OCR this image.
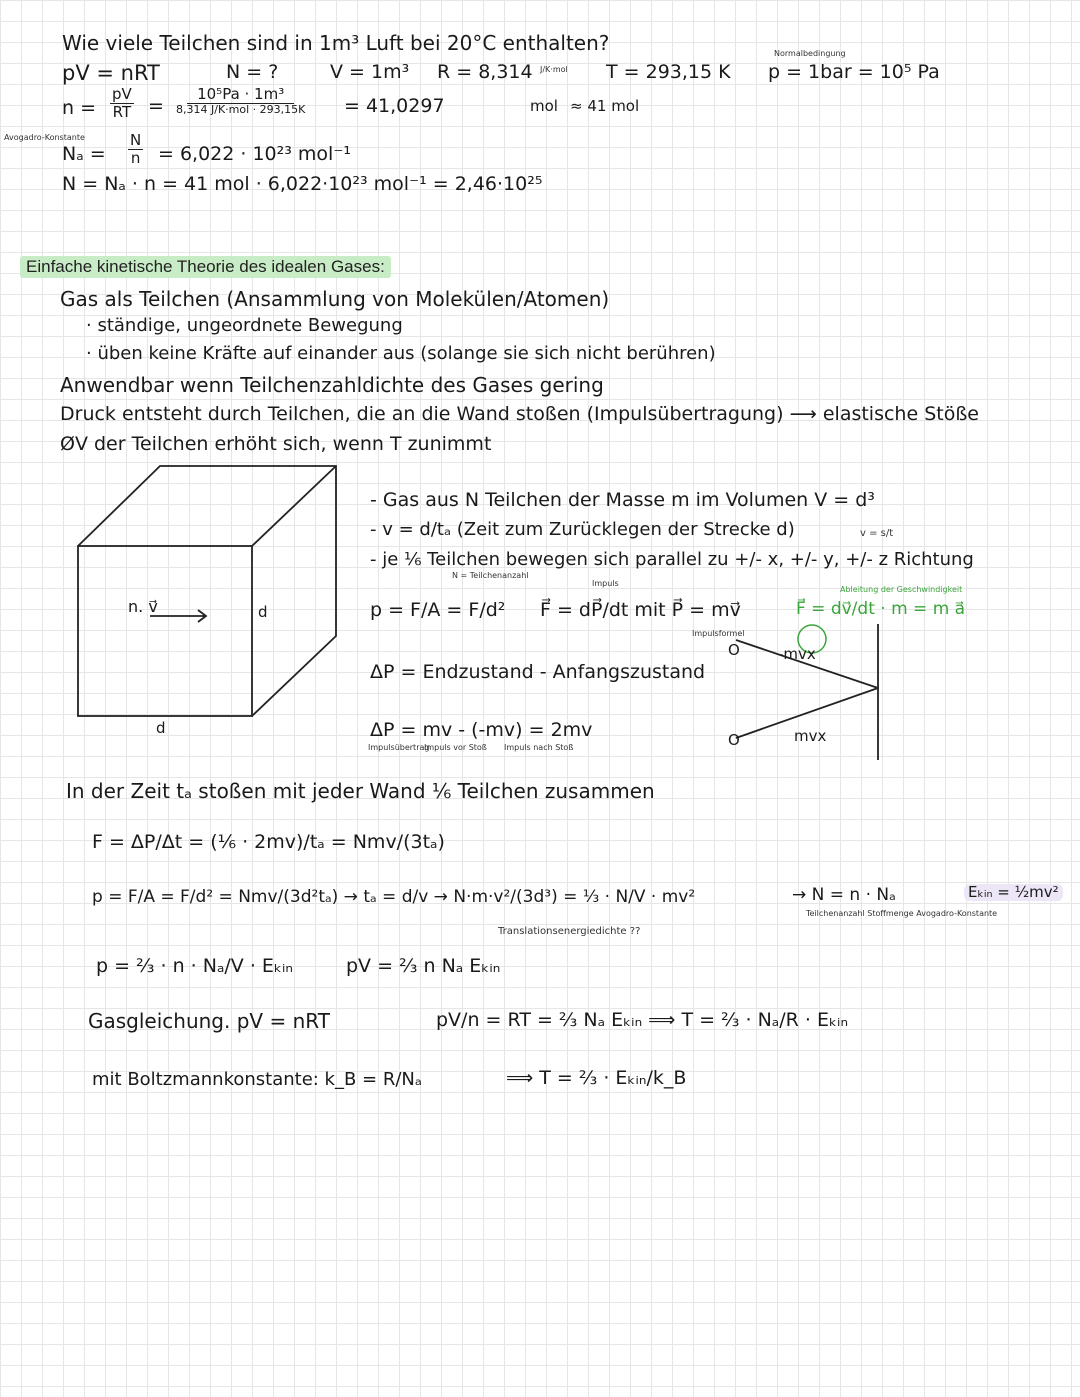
Wie viele Teilchen sind in 1m³ Luft bei 20°C enthalten?
pV = nRT	N = ?	V = 1m³ R = 8,314 J/K·mol T = 293,15 K
Normalbedingung
p = 1bar = 10⁵ Pa
$n = \frac{pV}{RT} = \frac{\text{10⁵Pa · 1m³}}{\text{8,314 J/K·mol · 293,15K}} = 41,0297$	mol ≈ 41 mol
Avogadro-Konstante
$N_a = \frac{N}{n} = 6,022 \cdot 10^{23}$ mol⁻¹
N = Nₐ · n = 41 mol · 6,022·10²³ mol⁻¹ = 2,46·10²⁵
Einfache kinetische Theorie des idealen Gases:
Gas als Teilchen (Ansammlung von Molekülen/Atomen)
· ständige, ungeordnete Bewegung
· üben keine Kräfte auf einander aus (solange sie sich nicht berühren)
Anwendbar wenn Teilchenzahldichte des Gases gering
Druck entsteht durch Teilchen, die an die Wand stoßen (Impulsübertragung) ⟶ elastische Stöße
ØV der Teilchen erhöht sich, wenn T zunimmt
n. v⃗	d
d
- Gas aus N Teilchen der Masse m im Volumen V = d³
- v = d/tₐ (Zeit zum Zurücklegen der Strecke d)	v = s/t
- je ⅙ Teilchen bewegen sich parallel zu +/- x, +/- y, +/- z Richtung
N = Teilchenanzahl
Impuls
p = F/A = F/d² F⃗ = dP⃗/dt mit P⃗ = mv⃗
Impulsformel
Ableitung der Geschwindigkeit
F⃗ = dv⃗/dt · m = m a⃗
ΔP = Endzustand - Anfangszustand
ΔP = mv - (-mv) = 2mv
Impulsübertrag
Impuls vor Stoß Impuls nach Stoß
-mvx
mvx
O
O
In der Zeit tₐ stoßen mit jeder Wand ⅙ Teilchen zusammen
F = ΔP/Δt = (⅙ · 2mv)/tₐ = Nmv/(3tₐ)
p = F/A = F/d² = Nmv/(3d²tₐ) → tₐ = d/v → N·m·v²/(3d³) = ⅓ · N/V · mv²	→ N = n · Nₐ
Teilchenanzahl Stoffmenge Avogadro-Konstante
Eₖᵢₙ = ½mv²
Translationsenergiedichte ??
p = ⅔ · n · Nₐ/V · Eₖᵢₙ	pV = ⅔ n Nₐ Eₖᵢₙ
Gasgleichung. pV = nRT	pV/n = RT = ⅔ Nₐ Eₖᵢₙ ⟹ T = ⅔ · Nₐ/R · Eₖᵢₙ
mit Boltzmannkonstante: k_B = R/Nₐ	⟹ T = ⅔ · Eₖᵢₙ/k_B
